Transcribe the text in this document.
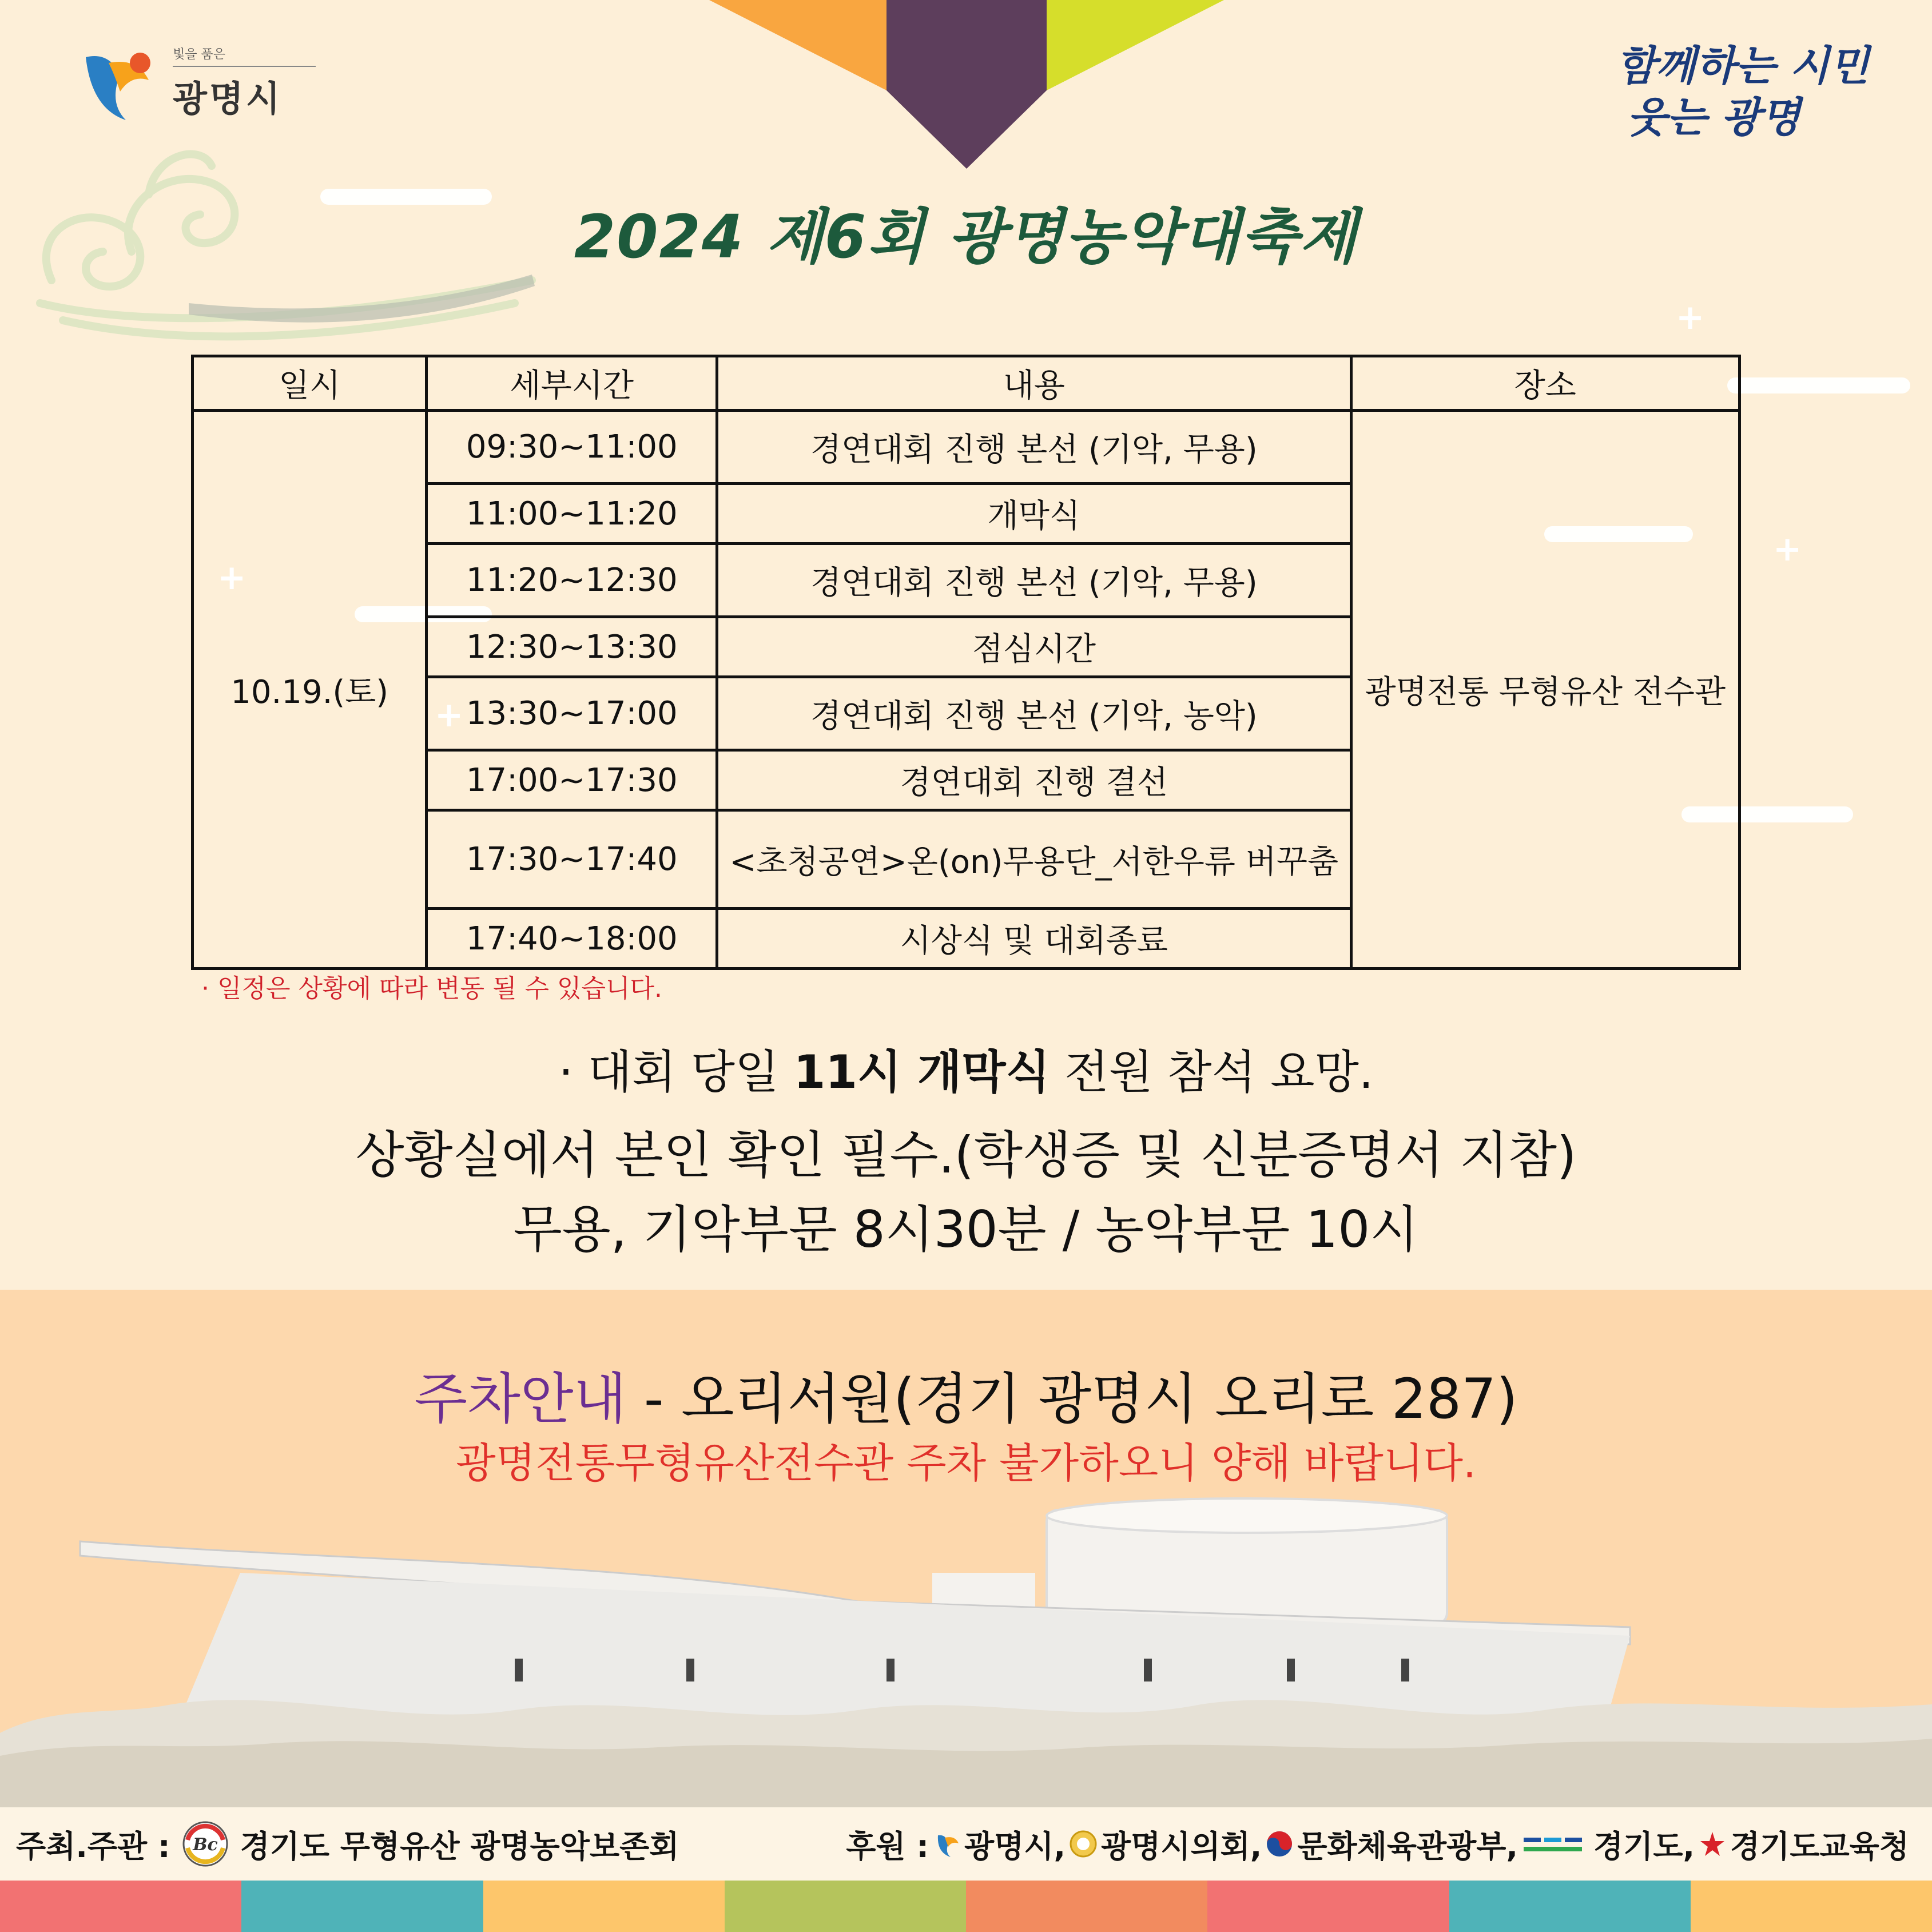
+
+
+
+
빛을 품은
광명시
함께하는 시민
웃는 광명
2024 제6회 광명농악대축제
일시	세부시간	내용	장소
10.19.(토)	09:30~11:00	경연대회 진행 본선 (기악, 무용)	광명전통 무형유산 전수관
	11:00~11:20	개막식	
	11:20~12:30	경연대회 진행 본선 (기악, 무용)	
	12:30~13:30	점심시간	
	13:30~17:00	경연대회 진행 본선 (기악, 농악)	
	17:00~17:30	경연대회 진행 결선	
	17:30~17:40	<초청공연>온(on)무용단_서한우류 버꾸춤	
	17:40~18:00	시상식 및 대회종료	
· 일정은 상황에 따라 변동 될 수 있습니다.
· 대회 당일 11시 개막식 전원 참석 요망.
상황실에서 본인 확인 필수.(학생증 및 신분증명서 지참)
무용, 기악부문 8시30분 / 농악부문 10시
주차안내 - 오리서원(경기 광명시 오리로 287)
광명전통무형유산전수관 주차 불가하오니 양해 바랍니다.
주최.주관 : Bc 경기도 무형유산 광명농악보존회	후원 : 광명시, 광명시의회, 문화체육관광부, 경기도, 경기도교육청
